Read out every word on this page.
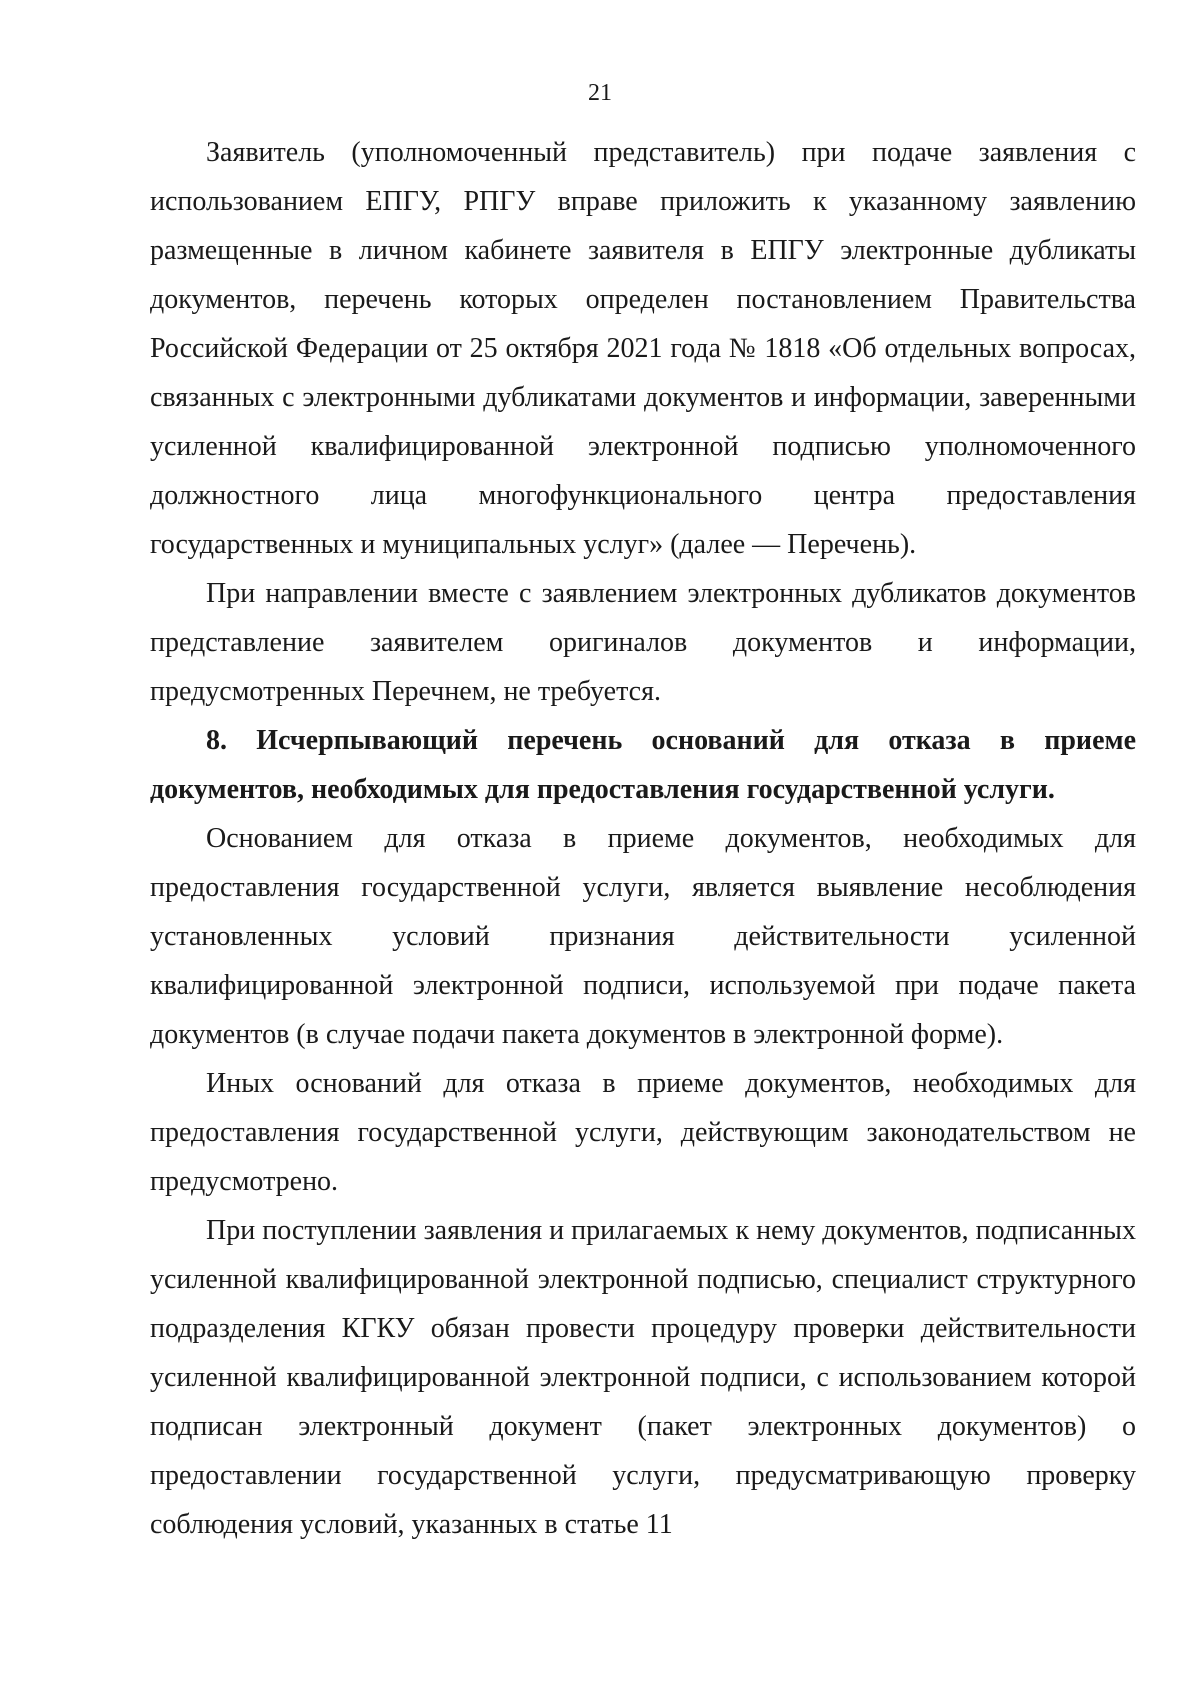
21

Заявитель (уполномоченный представитель) при подаче заявления с использованием ЕПГУ, РПГУ вправе приложить к указанному заявлению размещенные в личном кабинете заявителя в ЕПГУ электронные дубликаты документов, перечень которых определен постановлением Правительства Российской Федерации от 25 октября 2021 года № 1818 «Об отдельных вопросах, связанных с электронными дубликатами документов и информации, заверенными усиленной квалифицированной электронной подписью уполномоченного должностного лица многофункционального центра предоставления государственных и муниципальных услуг» (далее — Перечень).

При направлении вместе с заявлением электронных дубликатов документов представление заявителем оригиналов документов и информации, предусмотренных Перечнем, не требуется.

8. Исчерпывающий перечень оснований для отказа в приеме документов, необходимых для предоставления государственной услуги.

Основанием для отказа в приеме документов, необходимых для предоставления государственной услуги, является выявление несоблюдения установленных условий признания действительности усиленной квалифицированной электронной подписи, используемой при подаче пакета документов (в случае подачи пакета документов в электронной форме).

Иных оснований для отказа в приеме документов, необходимых для предоставления государственной услуги, действующим законодательством не предусмотрено.

При поступлении заявления и прилагаемых к нему документов, подписанных усиленной квалифицированной электронной подписью, специалист структурного подразделения КГКУ обязан провести процедуру проверки действительности усиленной квалифицированной электронной подписи, с использованием которой подписан электронный документ (пакет электронных документов) о предоставлении государственной услуги, предусматривающую проверку соблюдения условий, указанных в статье 11
